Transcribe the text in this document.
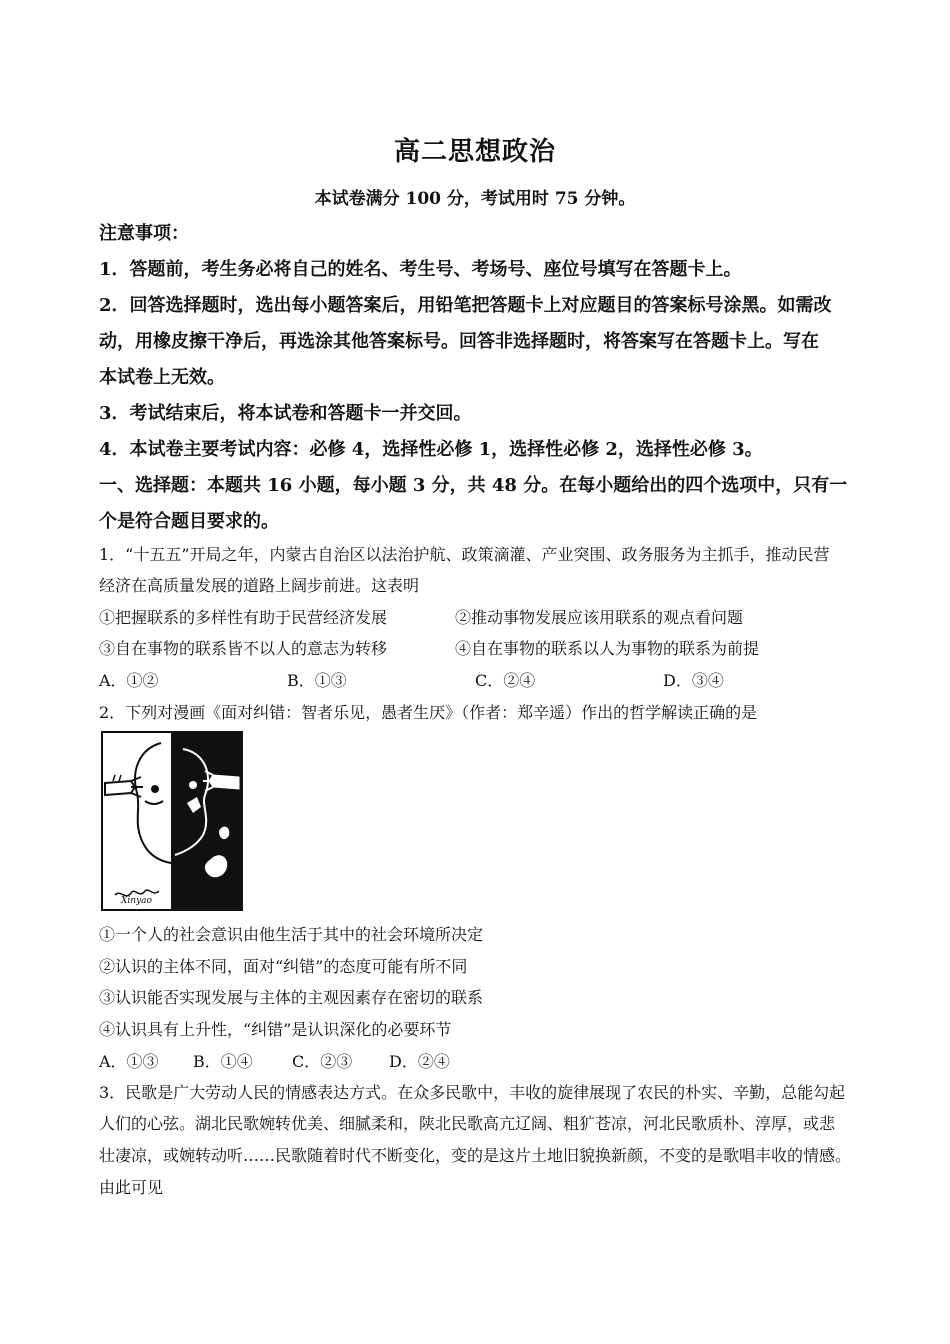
高二思想政治
本试卷满分 100 分，考试用时 75 分钟。
注意事项：
1．答题前，考生务必将自己的姓名、考生号、考场号、座位号填写在答题卡上。
2．回答选择题时，选出每小题答案后，用铅笔把答题卡上对应题目的答案标号涂黑。如需改
动，用橡皮擦干净后，再选涂其他答案标号。回答非选择题时，将答案写在答题卡上。写在
本试卷上无效。
3．考试结束后，将本试卷和答题卡一并交回。
4．本试卷主要考试内容：必修 4，选择性必修 1，选择性必修 2，选择性必修 3。
一、选择题：本题共 16 小题，每小题 3 分，共 48 分。在每小题给出的四个选项中，只有一
个是符合题目要求的。
1．“十五五”开局之年，内蒙古自治区以法治护航、政策滴灌、产业突围、政务服务为主抓手，推动民营
经济在高质量发展的道路上阔步前进。这表明
①把握联系的多样性有助于民营经济发展	②推动事物发展应该用联系的观点看问题
③自在事物的联系皆不以人的意志为转移	④自在事物的联系以人为事物的联系为前提
A．①②	B．①③	C．②④	D．③④
2．下列对漫画《面对纠错：智者乐见，愚者生厌》（作者：郑辛遥）作出的哲学解读正确的是
Xinyao
①一个人的社会意识由他生活于其中的社会环境所决定
②认识的主体不同，面对“纠错”的态度可能有所不同
③认识能否实现发展与主体的主观因素存在密切的联系
④认识具有上升性，“纠错”是认识深化的必要环节
A．①③ B．①④ C．②③ D．②④
3．民歌是广大劳动人民的情感表达方式。在众多民歌中，丰收的旋律展现了农民的朴实、辛勤，总能勾起
人们的心弦。湖北民歌婉转优美、细腻柔和，陕北民歌高亢辽阔、粗犷苍凉，河北民歌质朴、淳厚，或悲
壮凄凉，或婉转动听……民歌随着时代不断变化，变的是这片土地旧貌换新颜，不变的是歌唱丰收的情感。
由此可见
